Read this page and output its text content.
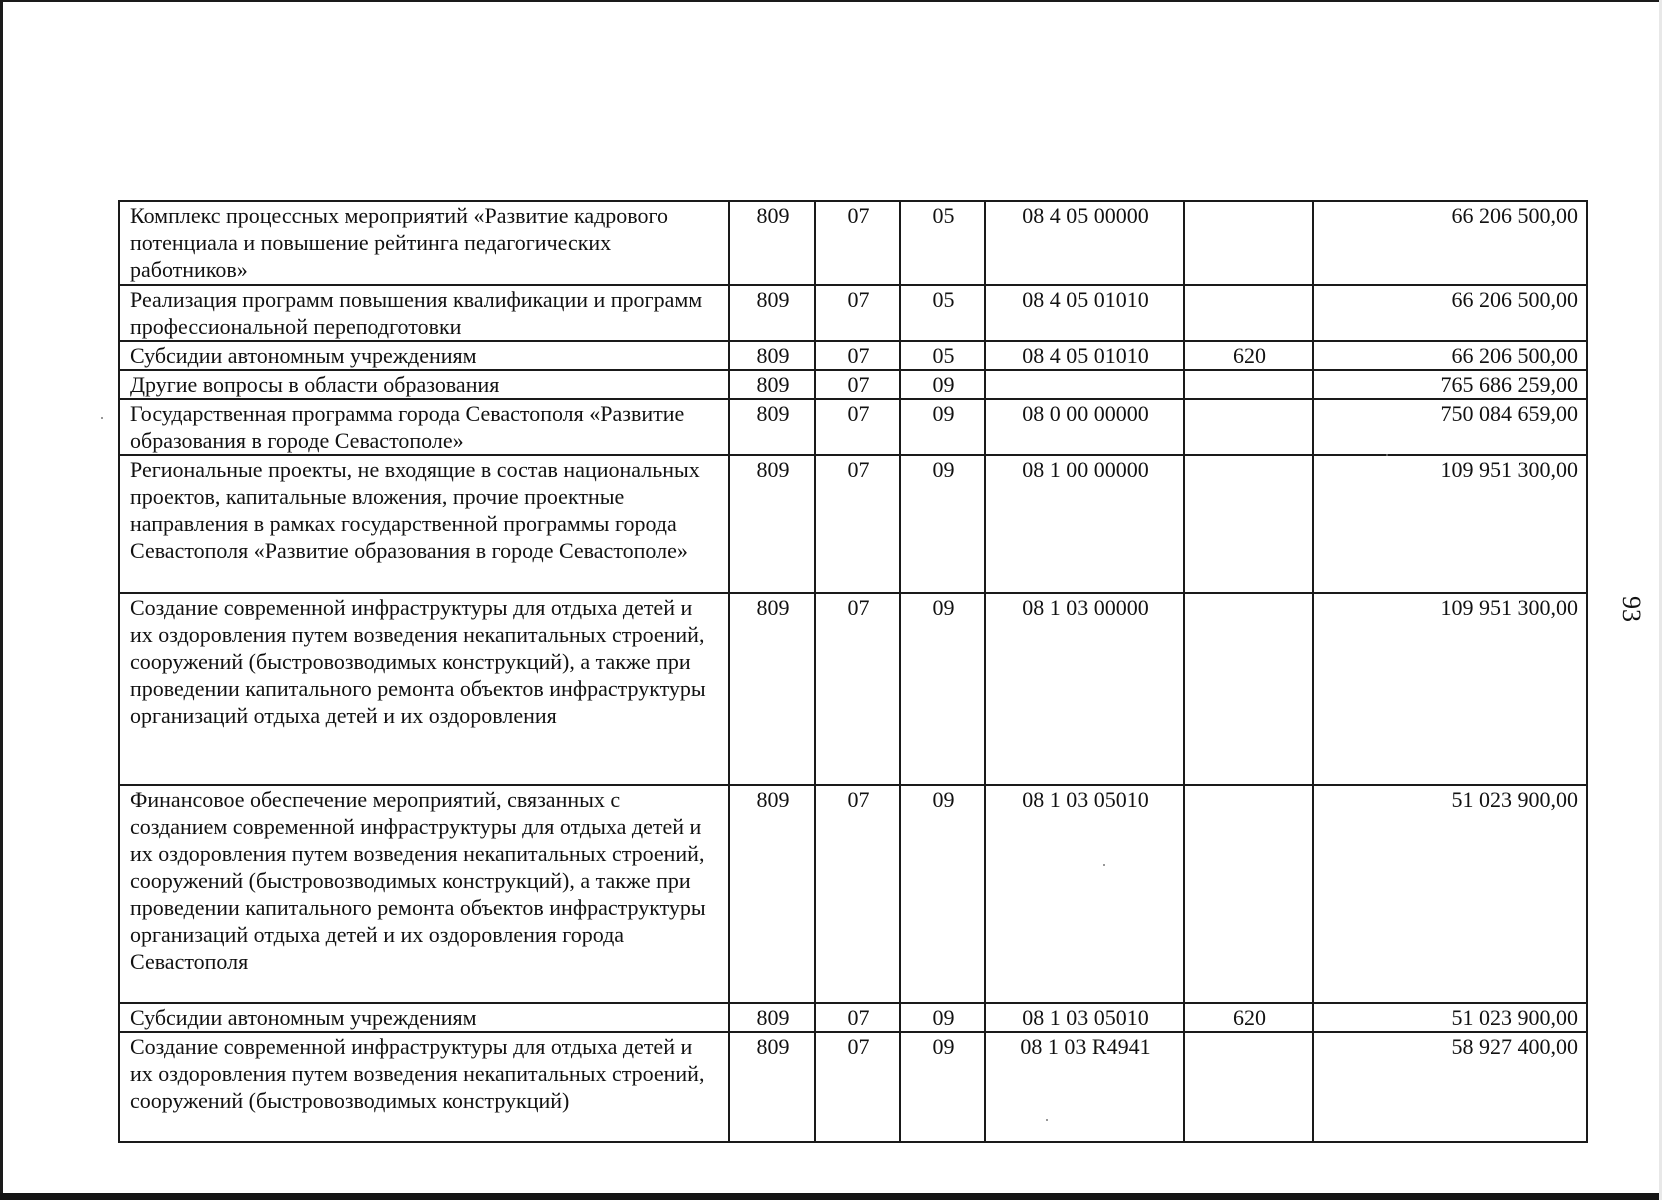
Комплекс процессных мероприятий «Развитие кадрового потенциала и повышение рейтинга педагогических работников»	809	07	05	08 4 05 00000		66 206 500,00
Реализация программ повышения квалификации и программ профессиональной переподготовки	809	07	05	08 4 05 01010		66 206 500,00
Субсидии автономным учреждениям	809	07	05	08 4 05 01010	620	66 206 500,00
Другие вопросы в области образования	809	07	09			765 686 259,00
Государственная программа города Севастополя «Развитие образования в городе Севастополе»	809	07	09	08 0 00 00000		750 084 659,00
Региональные проекты, не входящие в состав национальных проектов, капитальные вложения, прочие проектные направления в рамках государственной программы города Севастополя «Развитие образования в городе Севастополе»	809	07	09	08 1 00 00000		109 951 300,00
Создание современной инфраструктуры для отдыха детей и их оздоровления путем возведения некапитальных строений, сооружений (быстровозводимых конструкций), а также при проведении капитального ремонта объектов инфраструктуры организаций отдыха детей и их оздоровления	809	07	09	08 1 03 00000		109 951 300,00
Финансовое обеспечение мероприятий, связанных с созданием современной инфраструктуры для отдыха детей и их оздоровления путем возведения некапитальных строений, сооружений (быстровозводимых конструкций), а также при проведении капитального ремонта объектов инфраструктуры организаций отдыха детей и их оздоровления города Севастополя	809	07	09	08 1 03 05010		51 023 900,00
Субсидии автономным учреждениям	809	07	09	08 1 03 05010	620	51 023 900,00
Создание современной инфраструктуры для отдыха детей и их оздоровления путем возведения некапитальных строений, сооружений (быстровозводимых конструкций)	809	07	09	08 1 03 R4941		58 927 400,00
93
